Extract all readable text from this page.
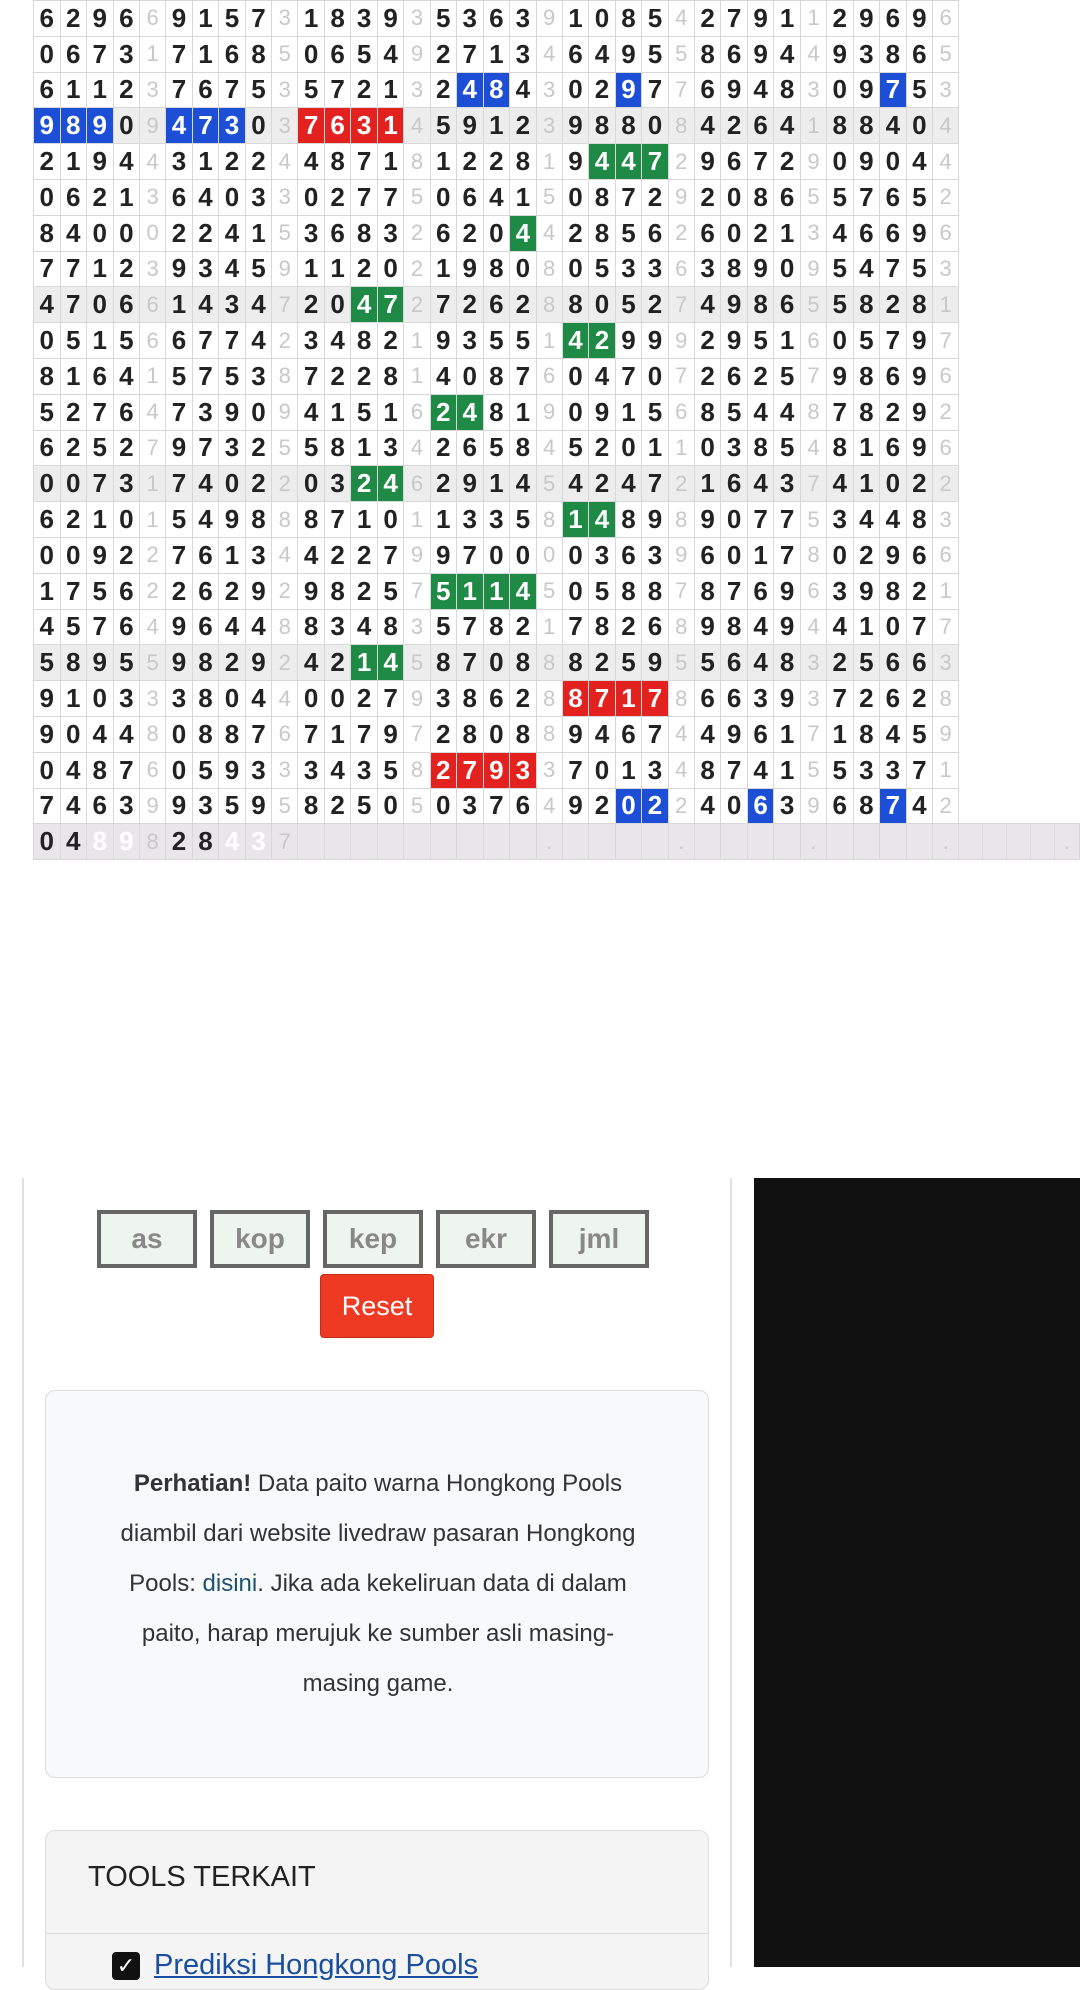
6	2	9	6	6	9	1	5	7	3	1	8	3	9	3	5	3	6	3	9	1	0	8	5	4	2	7	9	1	1	2	9	6	9	6					
0	6	7	3	1	7	1	6	8	5	0	6	5	4	9	2	7	1	3	4	6	4	9	5	5	8	6	9	4	4	9	3	8	6	5					
6	1	1	2	3	7	6	7	5	3	5	7	2	1	3	2	4	8	4	3	0	2	9	7	7	6	9	4	8	3	0	9	7	5	3					
9	8	9	0	9	4	7	3	0	3	7	6	3	1	4	5	9	1	2	3	9	8	8	0	8	4	2	6	4	1	8	8	4	0	4					
2	1	9	4	4	3	1	2	2	4	4	8	7	1	8	1	2	2	8	1	9	4	4	7	2	9	6	7	2	9	0	9	0	4	4					
0	6	2	1	3	6	4	0	3	3	0	2	7	7	5	0	6	4	1	5	0	8	7	2	9	2	0	8	6	5	5	7	6	5	2					
8	4	0	0	0	2	2	4	1	5	3	6	8	3	2	6	2	0	4	4	2	8	5	6	2	6	0	2	1	3	4	6	6	9	6					
7	7	1	2	3	9	3	4	5	9	1	1	2	0	2	1	9	8	0	8	0	5	3	3	6	3	8	9	0	9	5	4	7	5	3					
4	7	0	6	6	1	4	3	4	7	2	0	4	7	2	7	2	6	2	8	8	0	5	2	7	4	9	8	6	5	5	8	2	8	1					
0	5	1	5	6	6	7	7	4	2	3	4	8	2	1	9	3	5	5	1	4	2	9	9	9	2	9	5	1	6	0	5	7	9	7					
8	1	6	4	1	5	7	5	3	8	7	2	2	8	1	4	0	8	7	6	0	4	7	0	7	2	6	2	5	7	9	8	6	9	6					
5	2	7	6	4	7	3	9	0	9	4	1	5	1	6	2	4	8	1	9	0	9	1	5	6	8	5	4	4	8	7	8	2	9	2					
6	2	5	2	7	9	7	3	2	5	5	8	1	3	4	2	6	5	8	4	5	2	0	1	1	0	3	8	5	4	8	1	6	9	6					
0	0	7	3	1	7	4	0	2	2	0	3	2	4	6	2	9	1	4	5	4	2	4	7	2	1	6	4	3	7	4	1	0	2	2					
6	2	1	0	1	5	4	9	8	8	8	7	1	0	1	1	3	3	5	8	1	4	8	9	8	9	0	7	7	5	3	4	4	8	3					
0	0	9	2	2	7	6	1	3	4	4	2	2	7	9	9	7	0	0	0	0	3	6	3	9	6	0	1	7	8	0	2	9	6	6					
1	7	5	6	2	2	6	2	9	2	9	8	2	5	7	5	1	1	4	5	0	5	8	8	7	8	7	6	9	6	3	9	8	2	1					
4	5	7	6	4	9	6	4	4	8	8	3	4	8	3	5	7	8	2	1	7	8	2	6	8	9	8	4	9	4	4	1	0	7	7					
5	8	9	5	5	9	8	2	9	2	4	2	1	4	5	8	7	0	8	8	8	2	5	9	5	5	6	4	8	3	2	5	6	6	3					
9	1	0	3	3	3	8	0	4	4	0	0	2	7	9	3	8	6	2	8	8	7	1	7	8	6	6	3	9	3	7	2	6	2	8					
9	0	4	4	8	0	8	8	7	6	7	1	7	9	7	2	8	0	8	8	9	4	6	7	4	4	9	6	1	7	1	8	4	5	9					
0	4	8	7	6	0	5	9	3	3	3	4	3	5	8	2	7	9	3	3	7	0	1	3	4	8	7	4	1	5	5	3	3	7	1					
7	4	6	3	9	9	3	5	9	5	8	2	5	0	5	0	3	7	6	4	9	2	0	2	2	4	0	6	3	9	6	8	7	4	2					
0	4	8	9	8	2	8	4	3	7										.					.					.					.					.
as	kop	kep	ekr	jml
Reset

Perhatian! Data paito warna Hongkong Pools diambil dari website livedraw pasaran Hongkong Pools: disini. Jika ada kekeliruan data di dalam paito, harap merujuk ke sumber asli masing-masing game.

TOOLS TERKAIT
✓ Prediksi Hongkong Pools
